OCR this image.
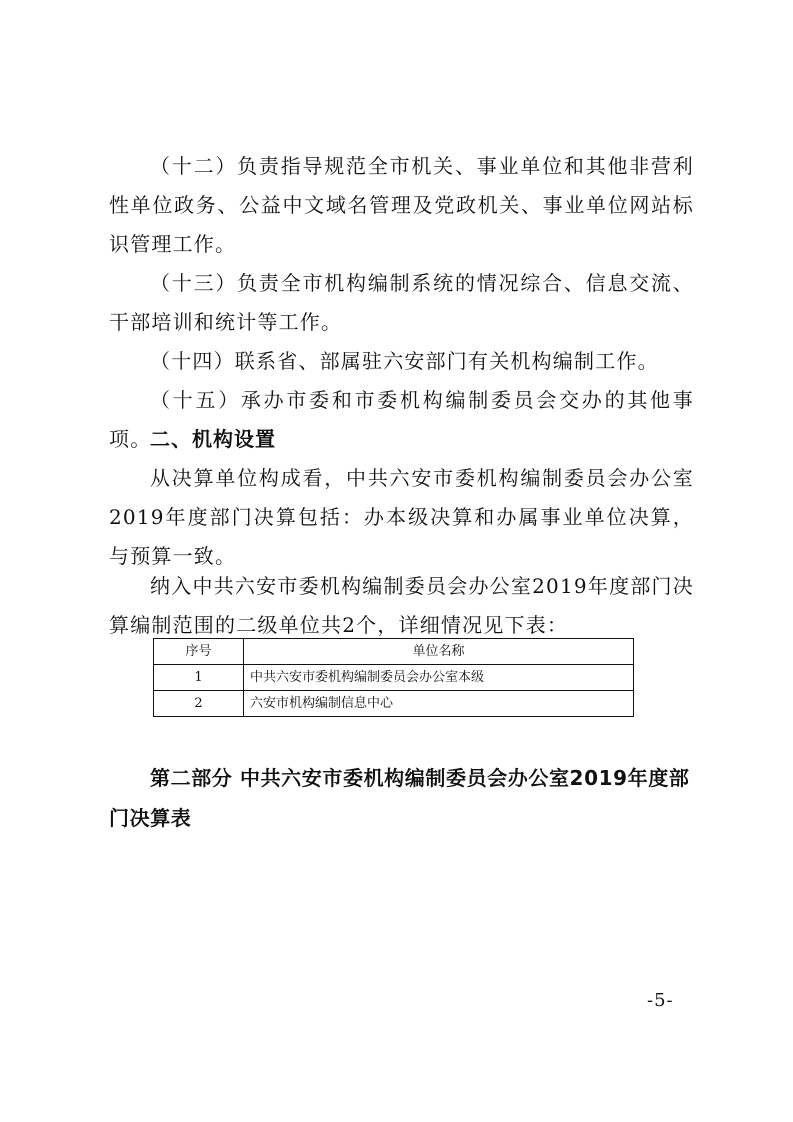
（十二）负责指导规范全市机关、事业单位和其他非营利性单位政务、公益中文域名管理及党政机关、事业单位网站标识管理工作。

（十三）负责全市机构编制系统的情况综合、信息交流、干部培训和统计等工作。

（十四）联系省、部属驻六安部门有关机构编制工作。

（十五）承办市委和市委机构编制委员会交办的其他事项。

二、机构设置

从决算单位构成看，中共六安市委机构编制委员会办公室2019年度部门决算包括：办本级决算和办属事业单位决算，与预算一致。

纳入中共六安市委机构编制委员会办公室2019年度部门决算编制范围的二级单位共2个，详细情况见下表：

序号	单位名称
1	中共六安市委机构编制委员会办公室本级
2	六安市机构编制信息中心
第二部分 中共六安市委机构编制委员会办公室2019年度部门决算表
-5-
